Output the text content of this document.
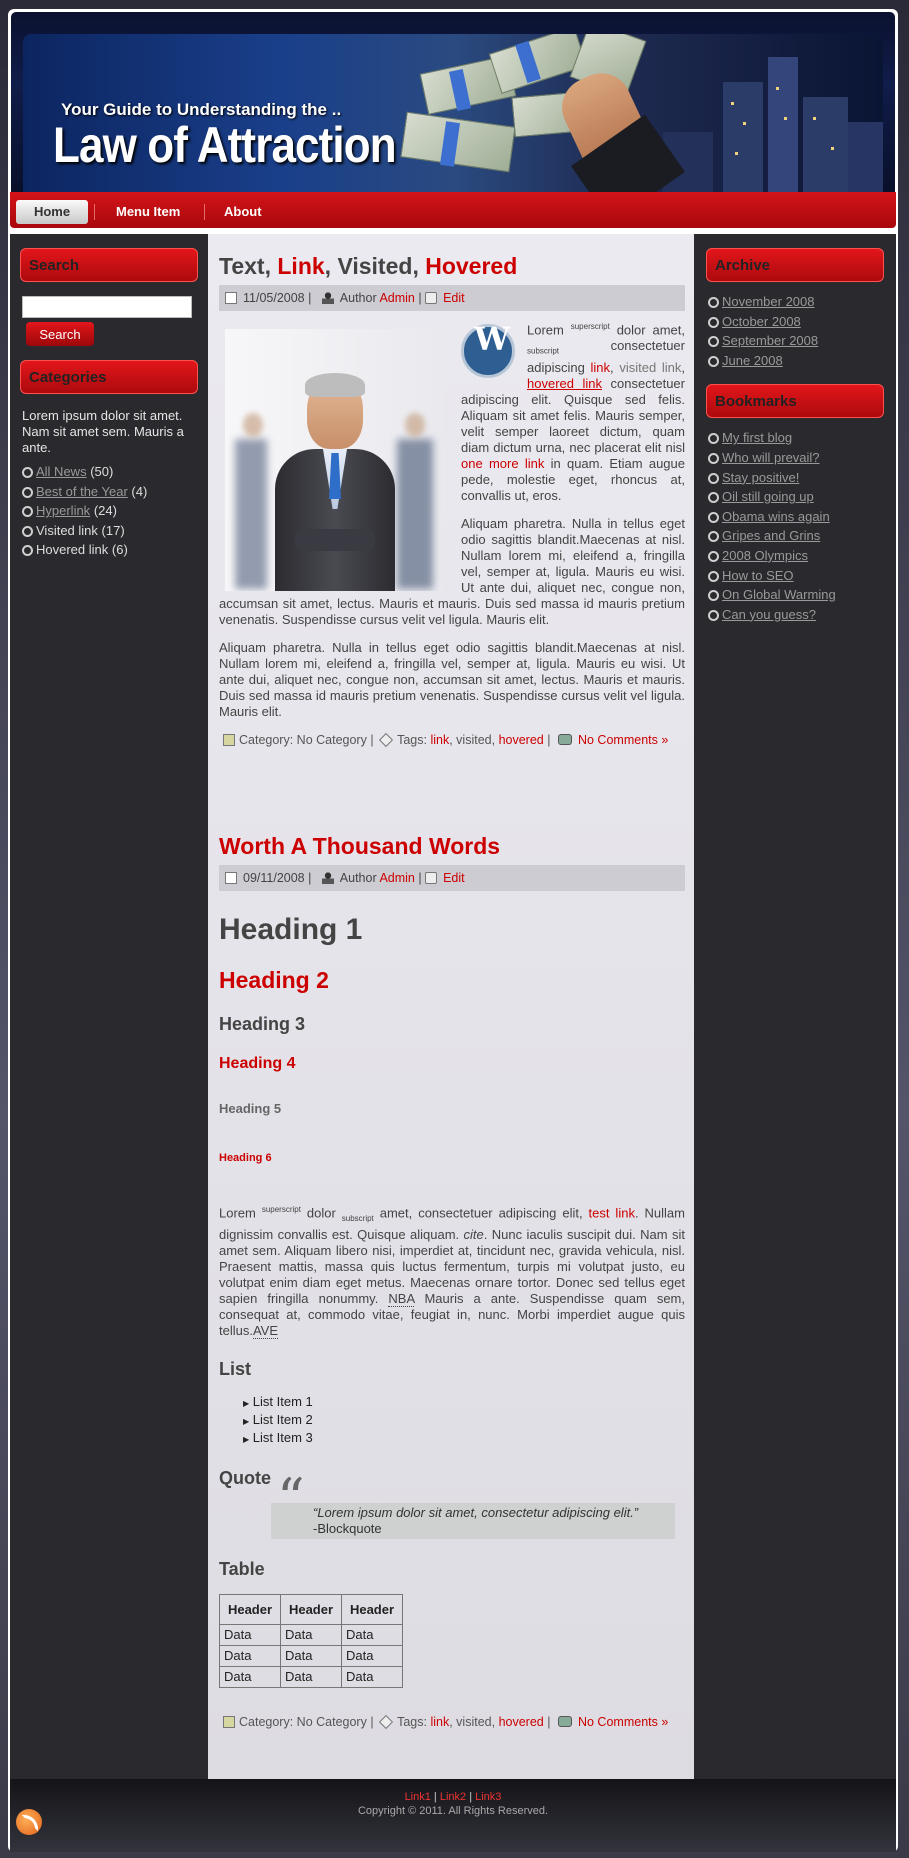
Your Guide to Understanding the ..
Law of Attraction
Home	Menu Item	About
Search
Search
Categories

Lorem ipsum dolor sit amet. Nam sit amet sem. Mauris a ante.

All News (50)
Best of the Year (4)
Hyperlink (24)
Visited link (17)
Hovered link (6)
Archive
November 2008
October 2008
September 2008
June 2008
Bookmarks
My first blog
Who will prevail?
Stay positive!
Oil still going up
Obama wins again
Gripes and Grins
2008 Olympics
How to SEO
On Global Warming
Can you guess?
Text, Link, Visited, Hovered
11/05/2008 | Author Admin | Edit
W

Lorem $^{superscript}$ dolor amet, $_{subscript}$	consectetuer adipiscing link, visited link, hovered link consectetuer adipiscing elit. Quisque sed felis. Aliquam sit amet felis. Mauris semper, velit semper laoreet dictum, quam diam dictum urna, nec placerat elit nisl one more link in quam. Etiam augue pede, molestie eget, rhoncus at, convallis ut, eros.

Aliquam pharetra. Nulla in tellus eget odio sagittis blandit.Maecenas at nisl. Nullam lorem mi, eleifend a, fringilla vel, semper at, ligula. Mauris eu wisi. Ut ante dui, aliquet nec, congue non, accumsan sit amet, lectus. Mauris et mauris. Duis sed massa id mauris pretium venenatis. Suspendisse cursus velit vel ligula. Mauris elit.

Aliquam pharetra. Nulla in tellus eget odio sagittis blandit.Maecenas at nisl. Nullam lorem mi, eleifend a, fringilla vel, semper at, ligula. Mauris eu wisi. Ut ante dui, aliquet nec, congue non, accumsan sit amet, lectus. Mauris et mauris. Duis sed massa id mauris pretium venenatis. Suspendisse cursus velit vel ligula. Mauris elit.

Category: No Category | Tags: link, visited, hovered | No Comments »
Worth A Thousand Words
09/11/2008 | Author Admin | Edit
Heading 1
Heading 2
Heading 3
Heading 4
Heading 5
Heading 6

Lorem $^{superscript}$ dolor $_{subscript}$ amet, consectetuer adipiscing elit, test link. Nullam dignissim convallis est. Quisque aliquam. cite. Nunc iaculis suscipit dui. Nam sit amet sem. Aliquam libero nisi, imperdiet at, tincidunt nec, gravida vehicula, nisl. Praesent mattis, massa quis luctus fermentum, turpis mi volutpat justo, eu volutpat enim diam eget metus. Maecenas ornare tortor. Donec sed tellus eget sapien fringilla nonummy. NBA Mauris a ante. Suspendisse quam sem, consequat at, commodo vitae, feugiat in, nunc. Morbi imperdiet augue quis tellus.AVE

List
▶ List Item 1
▶ List Item 2
▶ List Item 3
Quote
“ “Lorem ipsum dolor sit amet, consectetur adipiscing elit.”
-Blockquote
Table
Header	Header	Header
Data	Data	Data
Data	Data	Data
Data	Data	Data
Category: No Category | Tags: link, visited, hovered | No Comments »
Link1 | Link2 | Link3
Copyright © 2011. All Rights Reserved.
